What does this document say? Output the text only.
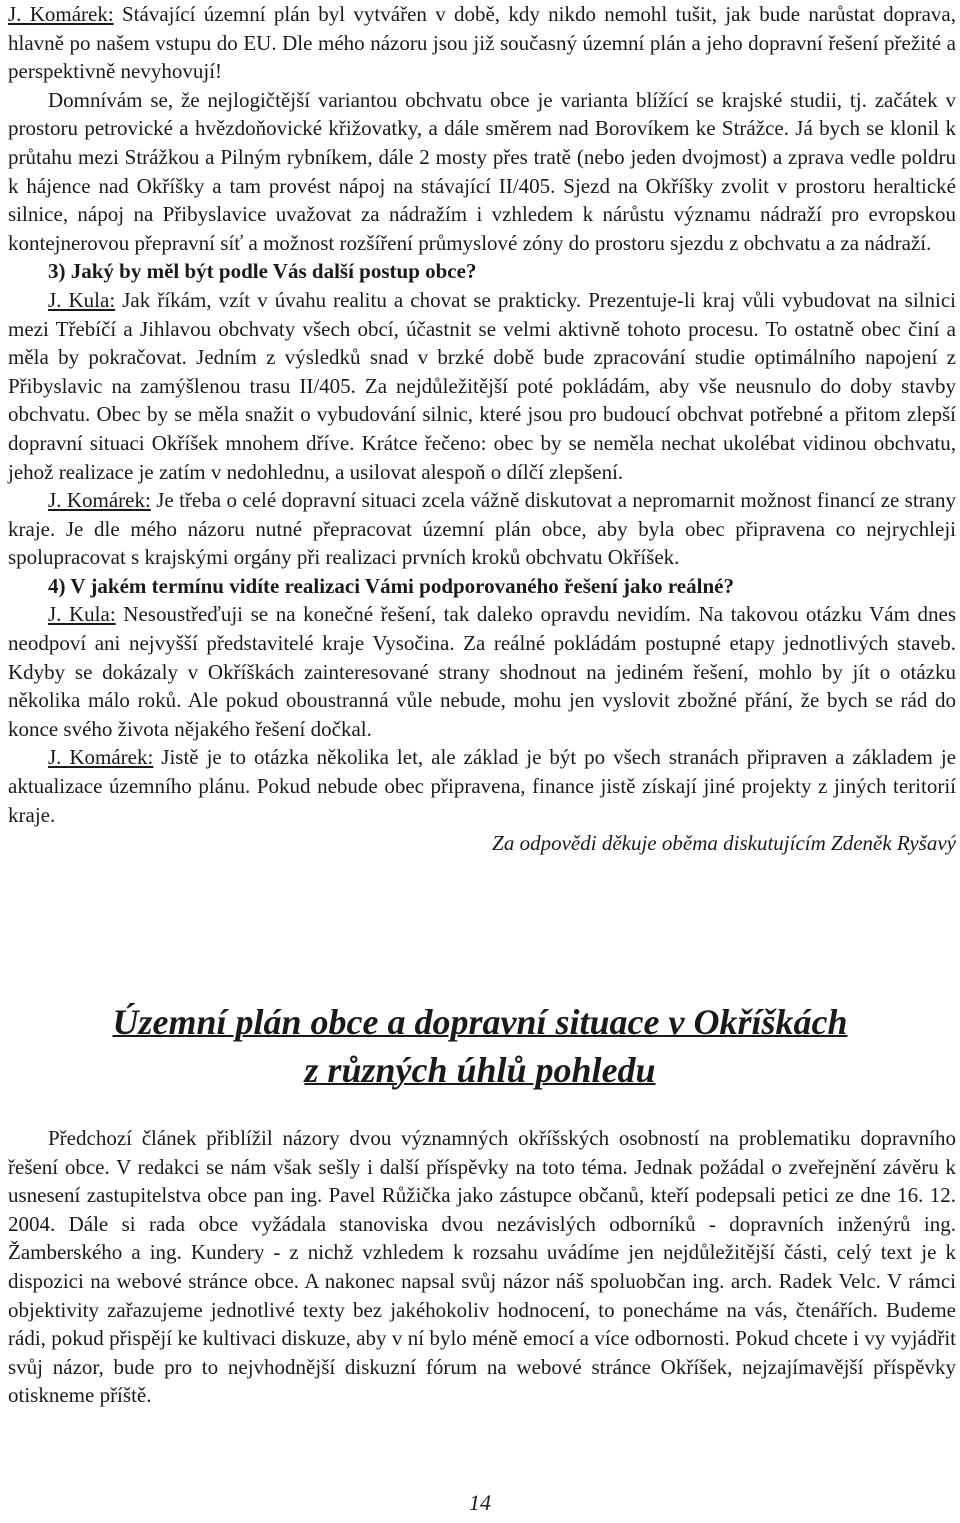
J. Komárek: Stávající územní plán byl vytvářen v době, kdy nikdo nemohl tušit, jak bude narůstat doprava, hlavně po našem vstupu do EU. Dle mého názoru jsou již současný územní plán a jeho dopravní řešení přežité a perspektivně nevyhovují!

Domnívám se, že nejlogičtější variantou obchvatu obce je varianta blížící se krajské studii, tj. začátek v prostoru petrovické a hvězdoňovické křižovatky, a dále směrem nad Borovíkem ke Strážce. Já bych se klonil k průtahu mezi Strážkou a Pilným rybníkem, dále 2 mosty přes tratě (nebo jeden dvojmost) a zprava vedle poldru k hájence nad Okříšky a tam provést nápoj na stávající II/405. Sjezd na Okříšky zvolit v prostoru heraltické silnice, nápoj na Přibyslavice uvažovat za nádražím i vzhledem k nárůstu významu nádraží pro evropskou kontejnerovou přepravní síť a možnost rozšíření průmyslové zóny do prostoru sjezdu z obchvatu a za nádraží.

3) Jaký by měl být podle Vás další postup obce?

J. Kula: Jak říkám, vzít v úvahu realitu a chovat se prakticky. Prezentuje-li kraj vůli vybudovat na silnici mezi Třebíčí a Jihlavou obchvaty všech obcí, účastnit se velmi aktivně tohoto procesu. To ostatně obec činí a měla by pokračovat. Jedním z výsledků snad v brzké době bude zpracování studie optimálního napojení z Přibyslavic na zamýšlenou trasu II/405. Za nejdůležitější poté pokládám, aby vše neusnulo do doby stavby obchvatu. Obec by se měla snažit o vybudování silnic, které jsou pro budoucí obchvat potřebné a přitom zlepší dopravní situaci Okříšek mnohem dříve. Krátce řečeno: obec by se neměla nechat ukolébat vidinou obchvatu, jehož realizace je zatím v nedohlednu, a usilovat alespoň o dílčí zlepšení.

J. Komárek: Je třeba o celé dopravní situaci zcela vážně diskutovat a nepromarnit možnost financí ze strany kraje. Je dle mého názoru nutné přepracovat územní plán obce, aby byla obec připravena co nejrychleji spolupracovat s krajskými orgány při realizaci prvních kroků obchvatu Okříšek.

4) V jakém termínu vidíte realizaci Vámi podporovaného řešení jako reálné?

J. Kula: Nesoustřeďuji se na konečné řešení, tak daleko opravdu nevidím. Na takovou otázku Vám dnes neodpoví ani nejvyšší představitelé kraje Vysočina. Za reálné pokládám postupné etapy jednotlivých staveb. Kdyby se dokázaly v Okříškách zainteresované strany shodnout na jediném řešení, mohlo by jít o otázku několika málo roků. Ale pokud oboustranná vůle nebude, mohu jen vyslovit zbožné přání, že bych se rád do konce svého života nějakého řešení dočkal.

J. Komárek: Jistě je to otázka několika let, ale základ je být po všech stranách připraven a základem je aktualizace územního plánu. Pokud nebude obec připravena, finance jistě získají jiné projekty z jiných teritorií kraje.

Za odpovědi děkuje oběma diskutujícím Zdeněk Ryšavý

Územní plán obce a dopravní situace v Okříškách
z různých úhlů pohledu

Předchozí článek přiblížil názory dvou významných okříšských osobností na problematiku dopravního řešení obce. V redakci se nám však sešly i další příspěvky na toto téma. Jednak požádal o zveřejnění závěru k usnesení zastupitelstva obce pan ing. Pavel Růžička jako zástupce občanů, kteří podepsali petici ze dne 16. 12. 2004. Dále si rada obce vyžádala stanoviska dvou nezávislých odborníků - dopravních inženýrů ing. Žamberského a ing. Kundery - z nichž vzhledem k rozsahu uvádíme jen nejdůležitější části, celý text je k dispozici na webové stránce obce. A nakonec napsal svůj názor náš spoluobčan ing. arch. Radek Velc. V rámci objektivity zařazujeme jednotlivé texty bez jakéhokoliv hodnocení, to ponecháme na vás, čtenářích. Budeme rádi, pokud přispějí ke kultivaci diskuze, aby v ní bylo méně emocí a více odbornosti. Pokud chcete i vy vyjádřit svůj názor, bude pro to nejvhodnější diskuzní fórum na webové stránce Okříšek, nejzajímavější příspěvky otiskneme příště.

14
